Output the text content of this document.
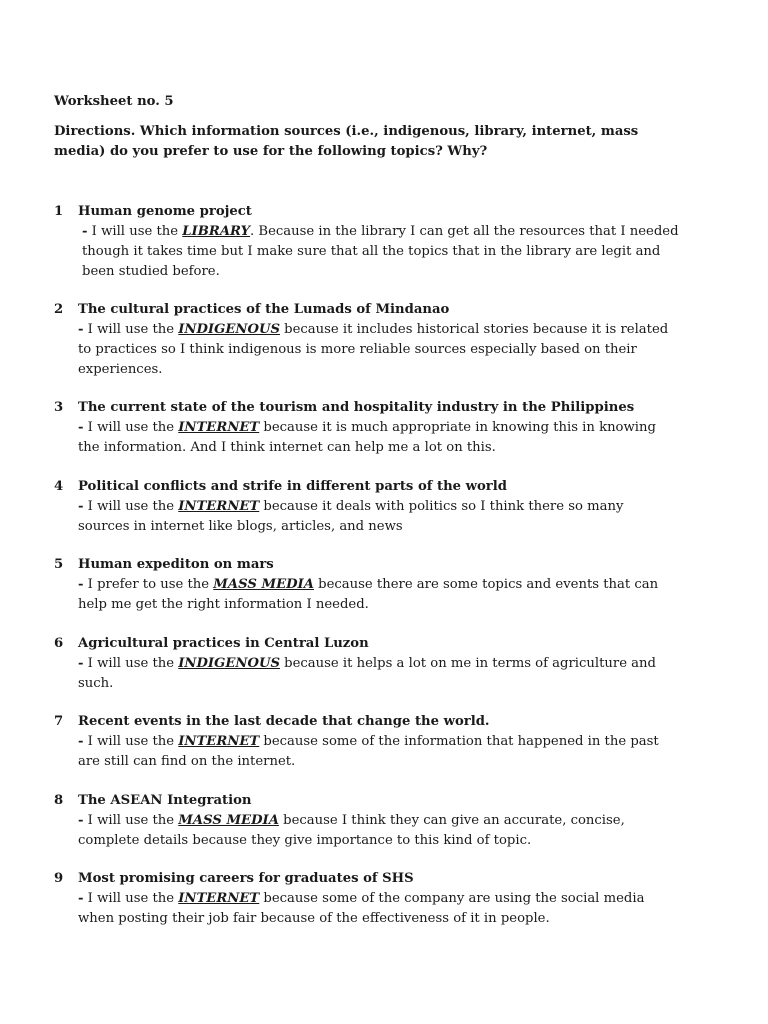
Worksheet no. 5
Directions. Which information sources (i.e., indigenous, library, internet, mass media) do you prefer to use for the following topics? Why?
1 Human genome project
- I will use the LIBRARY. Because in the library I can get all the resources that I needed though it takes time but I make sure that all the topics that in the library are legit and been studied before.
2 The cultural practices of the Lumads of Mindanao
- I will use the INDIGENOUS because it includes historical stories because it is related to practices so I think indigenous is more reliable sources especially based on their experiences.
3 The current state of the tourism and hospitality industry in the Philippines
- I will use the INTERNET because it is much appropriate in knowing this in knowing the information. And I think internet can help me a lot on this.
4 Political conflicts and strife in different parts of the world
- I will use the INTERNET because it deals with politics so I think there so many sources in internet like blogs, articles, and news
5 Human expediton on mars
- I prefer to use the MASS MEDIA because there are some topics and events that can help me get the right information I needed.
6 Agricultural practices in Central Luzon
- I will use the INDIGENOUS because it helps a lot on me in terms of agriculture and such.
7 Recent events in the last decade that change the world.
- I will use the INTERNET because some of the information that happened in the past are still can find on the internet.
8 The ASEAN Integration
- I will use the MASS MEDIA because I think they can give an accurate, concise, complete details because they give importance to this kind of topic.
9 Most promising careers for graduates of SHS
- I will use the INTERNET because some of the company are using the social media when posting their job fair because of the effectiveness of it in people.
